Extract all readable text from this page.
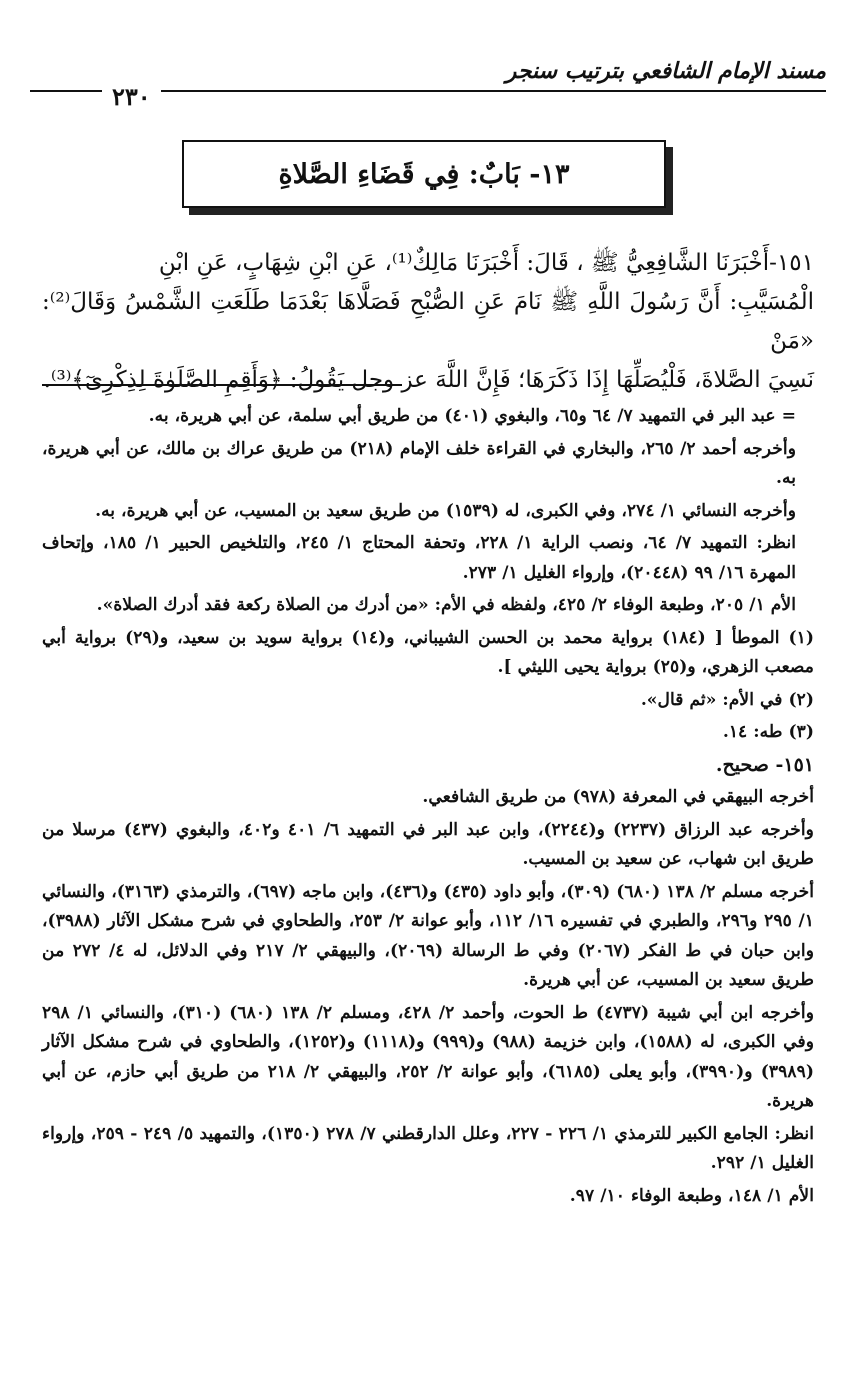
مسند الإمام الشافعي بترتيب سنجر
٢٣٠
١٣- بَابٌ: فِي قَضَاءِ الصَّلاةِ

١٥١-أَخْبَرَنَا الشَّافِعِيُّ ﷺ ، قَالَ: أَخْبَرَنَا مَالِكٌ⁽¹⁾، عَنِ ابْنِ شِهَابٍ، عَنِ ابْنِ

الْمُسَيَّبِ: أَنَّ رَسُولَ اللَّهِ ﷺ نَامَ عَنِ الصُّبْحِ فَصَلَّاهَا بَعْدَمَا طَلَعَتِ الشَّمْسُ وَقَالَ⁽²⁾: «مَنْ

نَسِيَ الصَّلاةَ، فَلْيُصَلِّهَا إِذَا ذَكَرَهَا؛ فَإِنَّ اللَّهَ عز وجل يَقُولُ: ﴿وَأَقِمِ الصَّلَوٰةَ لِذِكْرِىٓ﴾⁽³⁾.

= عبد البر في التمهيد ٧/ ٦٤ و٦٥، والبغوي (٤٠١) من طريق أبي سلمة، عن أبي هريرة، به.

وأخرجه أحمد ٢/ ٢٦٥، والبخاري في القراءة خلف الإمام (٢١٨) من طريق عراك بن مالك، عن أبي هريرة، به.

وأخرجه النسائي ١/ ٢٧٤، وفي الكبرى، له (١٥٣٩) من طريق سعيد بن المسيب، عن أبي هريرة، به.

انظر: التمهيد ٧/ ٦٤، ونصب الراية ١/ ٢٢٨، وتحفة المحتاج ١/ ٢٤٥، والتلخيص الحبير ١/ ١٨٥، وإتحاف المهرة ١٦/ ٩٩ (٢٠٤٤٨)، وإرواء الغليل ١/ ٢٧٣.

الأم ١/ ٢٠٥، وطبعة الوفاء ٢/ ٤٢٥، ولفظه في الأم: «من أدرك من الصلاة ركعة فقد أدرك الصلاة».

(١) الموطأ [ (١٨٤) برواية محمد بن الحسن الشيباني، و(١٤) برواية سويد بن سعيد، و(٢٩) برواية أبي مصعب الزهري، و(٢٥) برواية يحيى الليثي ].

(٢) في الأم: «ثم قال».

(٣) طه: ١٤.

١٥١- صحيح.

أخرجه البيهقي في المعرفة (٩٧٨) من طريق الشافعي.

وأخرجه عبد الرزاق (٢٢٣٧) و(٢٢٤٤)، وابن عبد البر في التمهيد ٦/ ٤٠١ و٤٠٢، والبغوي (٤٣٧) مرسلا من طريق ابن شهاب، عن سعيد بن المسيب.

أخرجه مسلم ٢/ ١٣٨ (٦٨٠) (٣٠٩)، وأبو داود (٤٣٥) و(٤٣٦)، وابن ماجه (٦٩٧)، والترمذي (٣١٦٣)، والنسائي ١/ ٢٩٥ و٢٩٦، والطبري في تفسيره ١٦/ ١١٢، وأبو عوانة ٢/ ٢٥٣، والطحاوي في شرح مشكل الآثار (٣٩٨٨)، وابن حبان في ط الفكر (٢٠٦٧) وفي ط الرسالة (٢٠٦٩)، والبيهقي ٢/ ٢١٧ وفي الدلائل، له ٤/ ٢٧٢ من طريق سعيد بن المسيب، عن أبي هريرة.

وأخرجه ابن أبي شيبة (٤٧٣٧) ط الحوت، وأحمد ٢/ ٤٢٨، ومسلم ٢/ ١٣٨ (٦٨٠) (٣١٠)، والنسائي ١/ ٢٩٨ وفي الكبرى، له (١٥٨٨)، وابن خزيمة (٩٨٨) و(٩٩٩) و(١١١٨) و(١٢٥٢)، والطحاوي في شرح مشكل الآثار (٣٩٨٩) و(٣٩٩٠)، وأبو يعلى (٦١٨٥)، وأبو عوانة ٢/ ٢٥٢، والبيهقي ٢/ ٢١٨ من طريق أبي حازم، عن أبي هريرة.

انظر: الجامع الكبير للترمذي ١/ ٢٢٦ - ٢٢٧، وعلل الدارقطني ٧/ ٢٧٨ (١٣٥٠)، والتمهيد ٥/ ٢٤٩ - ٢٥٩، وإرواء الغليل ١/ ٢٩٢.

الأم ١/ ١٤٨، وطبعة الوفاء ١٠/ ٩٧.
